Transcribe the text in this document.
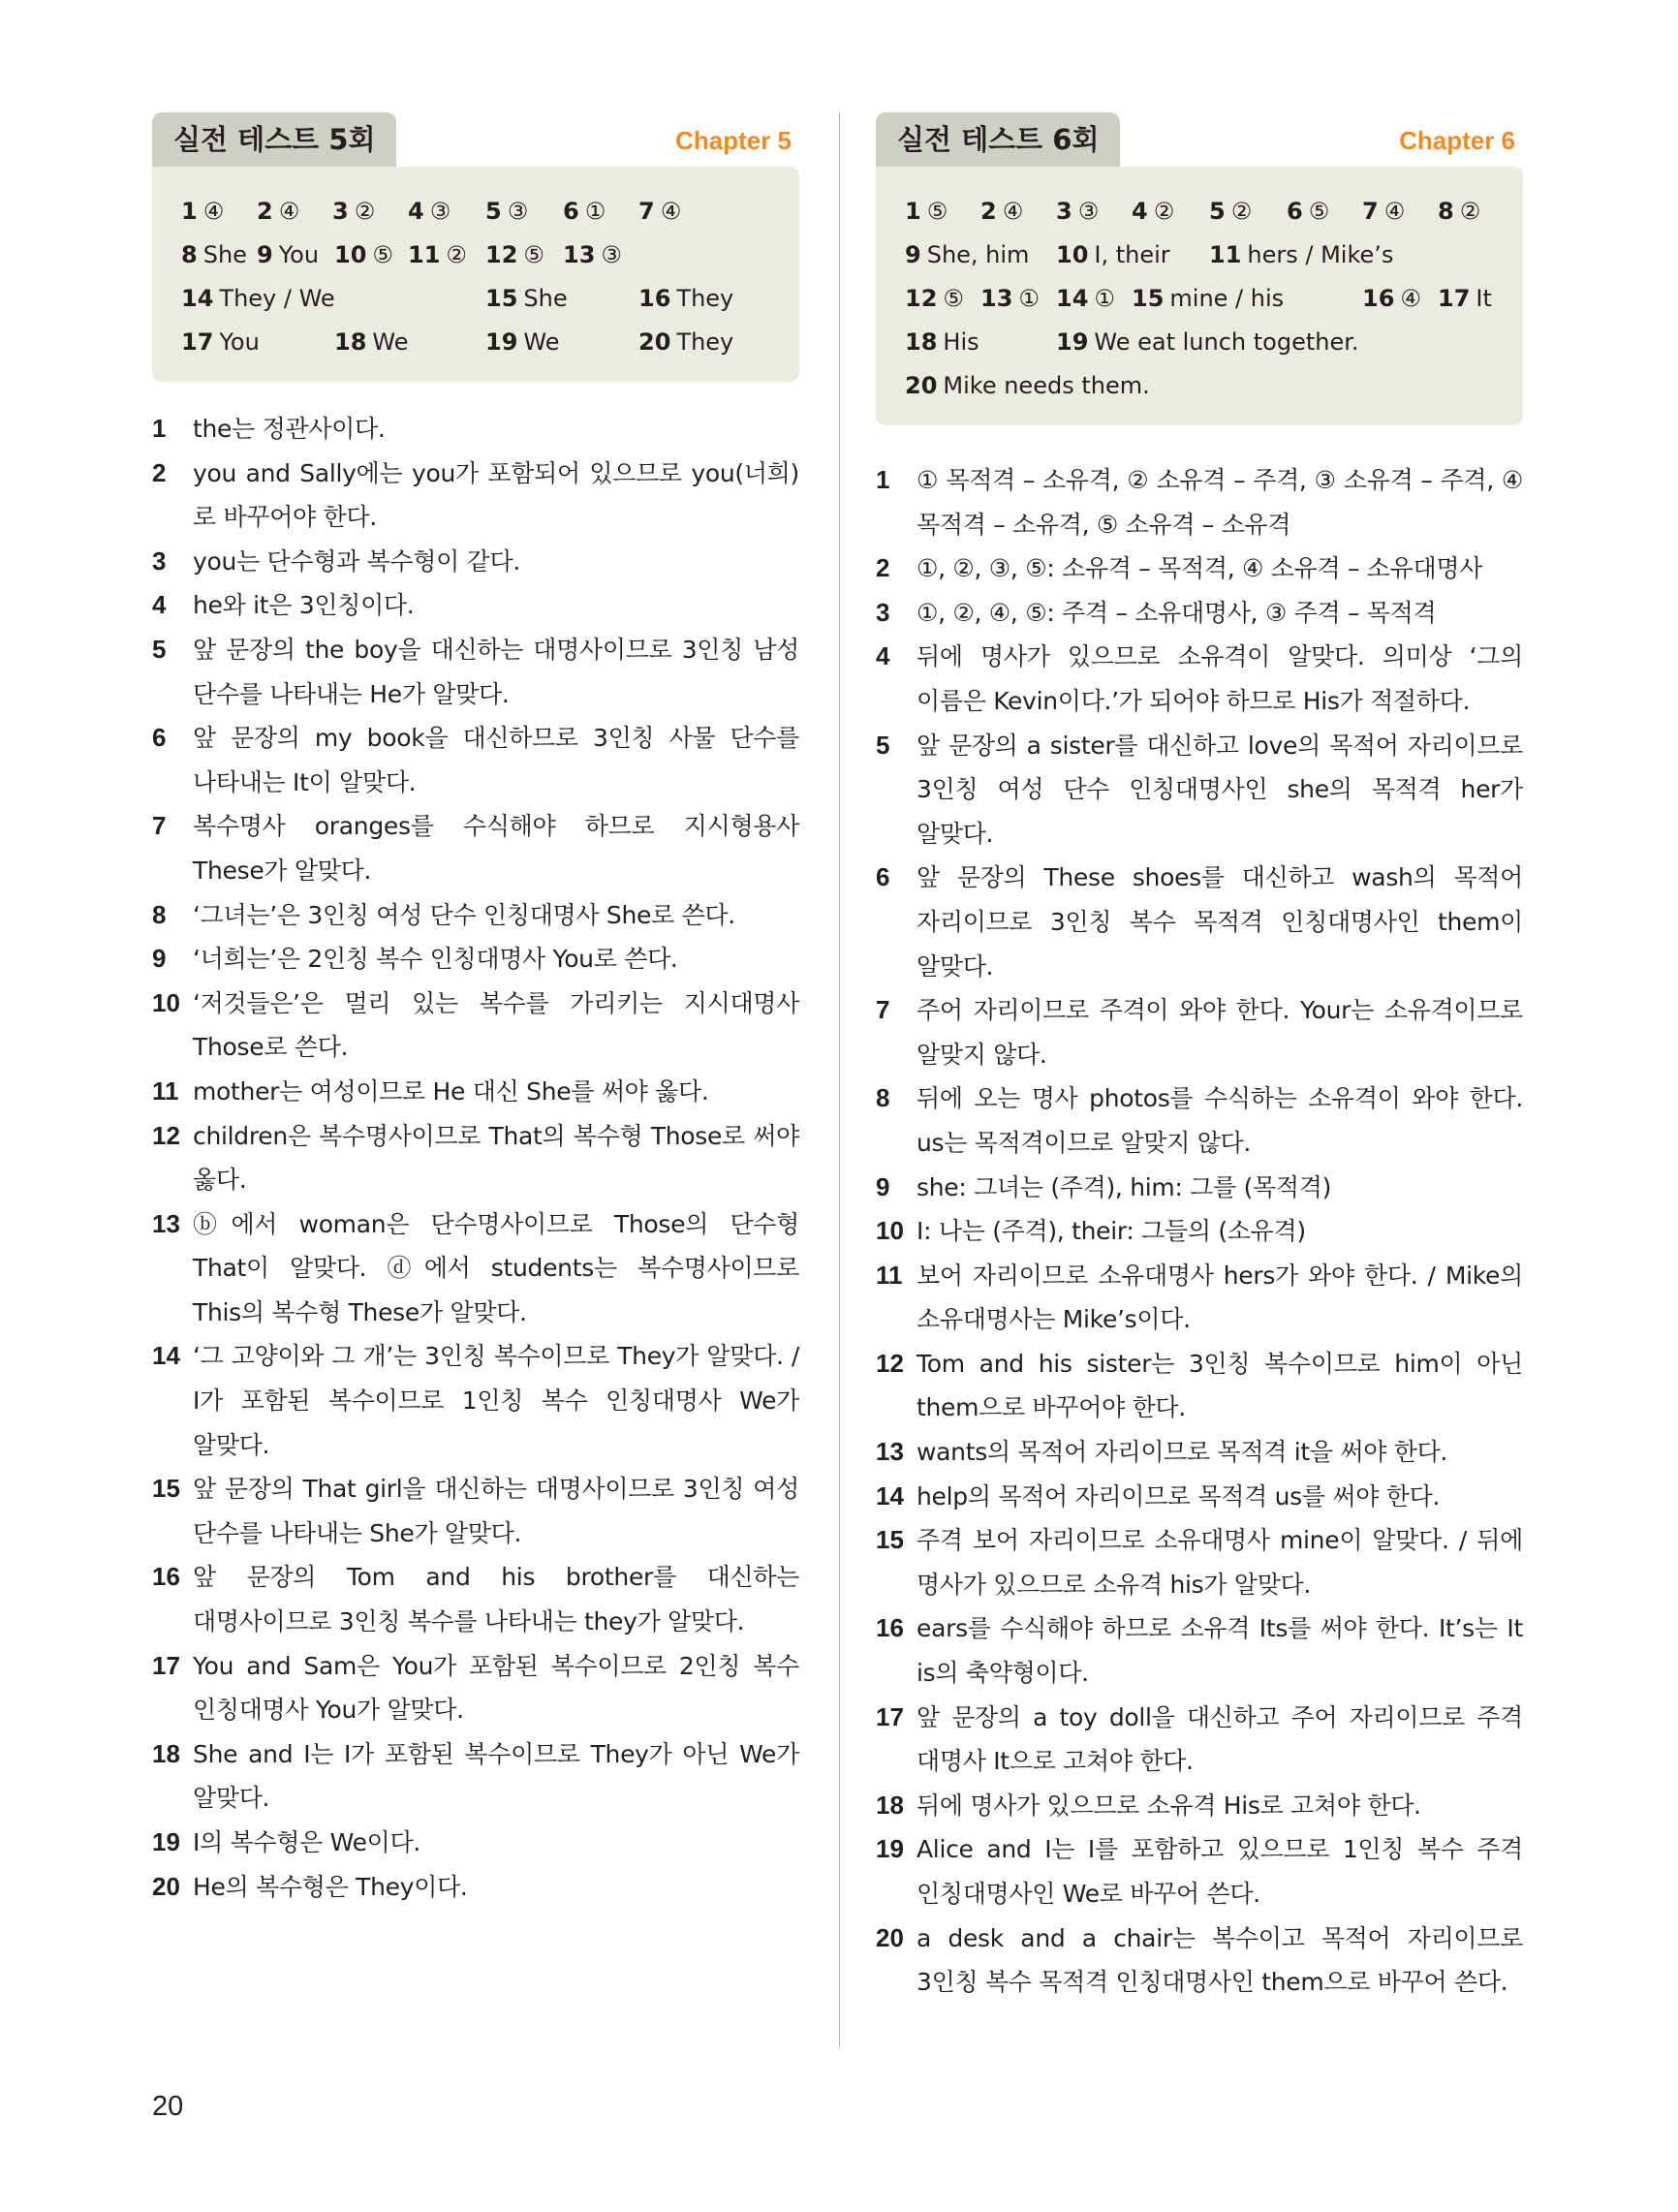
실전 테스트 5회	Chapter 5
1 ④ 2 ④ 3 ② 4 ③ 5 ③ 6 ① 7 ④
8 She 9 You 10 ⑤ 11 ② 12 ⑤ 13 ③
14 They / We	15 She	16 They
17 You	18 We	19 We	20 They
1	the는 정관사이다.
2	you and Sally에는 you가 포함되어 있으므로 you(너희)로 바꾸어야 한다.
3	you는 단수형과 복수형이 같다.
4	he와 it은 3인칭이다.
5	앞 문장의 the boy을 대신하는 대명사이므로 3인칭 남성 단수를 나타내는 He가 알맞다.
6	앞 문장의 my book을 대신하므로 3인칭 사물 단수를 나타내는 It이 알맞다.
7	복수명사 oranges를 수식해야 하므로 지시형용사 These가 알맞다.
8	‘그녀는’은 3인칭 여성 단수 인칭대명사 She로 쓴다.
9	‘너희는’은 2인칭 복수 인칭대명사 You로 쓴다.
10 ‘저것들은’은 멀리 있는 복수를 가리키는 지시대명사 Those로 쓴다.
11 mother는 여성이므로 He 대신 She를 써야 옳다.
12 children은 복수명사이므로 That의 복수형 Those로 써야 옳다.
13 ⓑ에서 woman은 단수명사이므로 Those의 단수형 That이 알맞다. ⓓ에서 students는 복수명사이므로 This의 복수형 These가 알맞다.
14 ‘그 고양이와 그 개’는 3인칭 복수이므로 They가 알맞다. / I가 포함된 복수이므로 1인칭 복수 인칭대명사 We가 알맞다.
15 앞 문장의 That girl을 대신하는 대명사이므로 3인칭 여성 단수를 나타내는 She가 알맞다.
16 앞 문장의 Tom and his brother를 대신하는 대명사이므로 3인칭 복수를 나타내는 they가 알맞다.
17 You and Sam은 You가 포함된 복수이므로 2인칭 복수 인칭대명사 You가 알맞다.
18 She and I는 I가 포함된 복수이므로 They가 아닌 We가 알맞다.
19 I의 복수형은 We이다.
20 He의 복수형은 They이다.
실전 테스트 6회	Chapter 6
1 ⑤ 2 ④ 3 ③ 4 ② 5 ② 6 ⑤ 7 ④ 8 ②
9 She, him 10 I, their 11 hers / Mike’s
12 ⑤ 13 ① 14 ① 15 mine / his	16 ④ 17 It
18 His	19 We eat lunch together.
20 Mike needs them.
1	① 목적격 – 소유격, ② 소유격 – 주격, ③ 소유격 – 주격, ④ 목적격 – 소유격, ⑤ 소유격 – 소유격
2	①, ②, ③, ⑤: 소유격 – 목적격, ④ 소유격 – 소유대명사
3	①, ②, ④, ⑤: 주격 – 소유대명사, ③ 주격 – 목적격
4	뒤에 명사가 있으므로 소유격이 알맞다. 의미상 ‘그의 이름은 Kevin이다.’가 되어야 하므로 His가 적절하다.
5	앞 문장의 a sister를 대신하고 love의 목적어 자리이므로 3인칭 여성 단수 인칭대명사인 she의 목적격 her가 알맞다.
6	앞 문장의 These shoes를 대신하고 wash의 목적어 자리이므로 3인칭 복수 목적격 인칭대명사인 them이 알맞다.
7	주어 자리이므로 주격이 와야 한다. Your는 소유격이므로 알맞지 않다.
8	뒤에 오는 명사 photos를 수식하는 소유격이 와야 한다. us는 목적격이므로 알맞지 않다.
9	she: 그녀는 (주격), him: 그를 (목적격)
10 I: 나는 (주격), their: 그들의 (소유격)
11 보어 자리이므로 소유대명사 hers가 와야 한다. / Mike의 소유대명사는 Mike’s이다.
12 Tom and his sister는 3인칭 복수이므로 him이 아닌 them으로 바꾸어야 한다.
13 wants의 목적어 자리이므로 목적격 it을 써야 한다.
14 help의 목적어 자리이므로 목적격 us를 써야 한다.
15 주격 보어 자리이므로 소유대명사 mine이 알맞다. / 뒤에 명사가 있으므로 소유격 his가 알맞다.
16 ears를 수식해야 하므로 소유격 Its를 써야 한다. It’s는 It is의 축약형이다.
17 앞 문장의 a toy doll을 대신하고 주어 자리이므로 주격 대명사 It으로 고쳐야 한다.
18 뒤에 명사가 있으므로 소유격 His로 고쳐야 한다.
19 Alice and I는 I를 포함하고 있으므로 1인칭 복수 주격 인칭대명사인 We로 바꾸어 쓴다.
20 a desk and a chair는 복수이고 목적어 자리이므로 3인칭 복수 목적격 인칭대명사인 them으로 바꾸어 쓴다.
20
